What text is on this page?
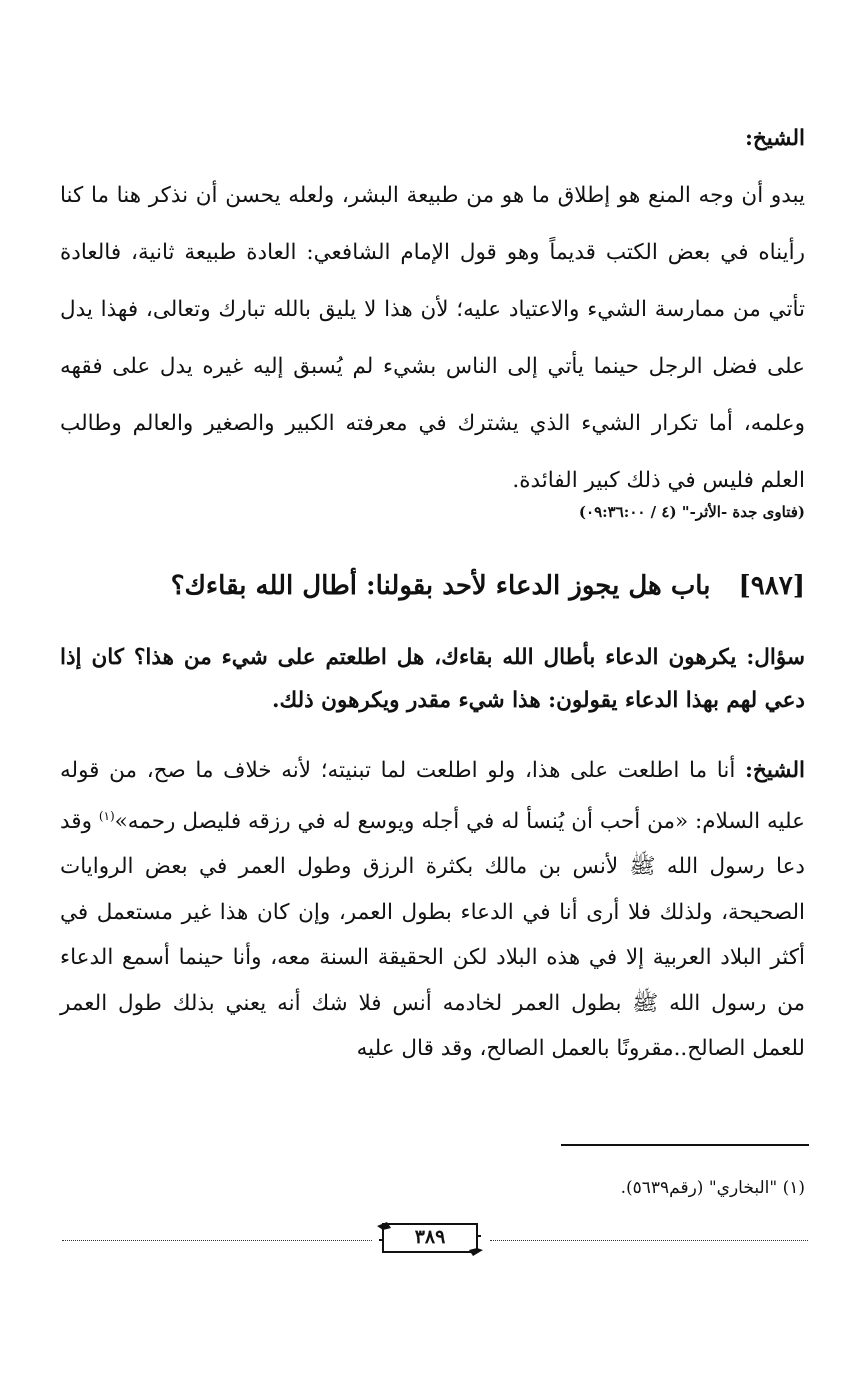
الشيخ:
يبدو أن وجه المنع هو إطلاق ما هو من طبيعة البشر، ولعله يحسن أن نذكر هنا ما كنا رأيناه في بعض الكتب قديماً وهو قول الإمام الشافعي: العادة طبيعة ثانية، فالعادة تأتي من ممارسة الشيء والاعتياد عليه؛ لأن هذا لا يليق بالله تبارك وتعالى، فهذا يدل على فضل الرجل حينما يأتي إلى الناس بشيء لم يُسبق إليه غيره يدل على فقهه وعلمه، أما تكرار الشيء الذي يشترك في معرفته الكبير والصغير والعالم وطالب العلم فليس في ذلك كبير الفائدة.
(فتاوى جدة -الأثر-" (٤ / ٠٩:٣٦:٠٠)
[٩٨٧]باب هل يجوز الدعاء لأحد بقولنا: أطال الله بقاءك؟
سؤال: يكرهون الدعاء بأطال الله بقاءك، هل اطلعتم على شيء من هذا؟ كان إذا دعي لهم بهذا الدعاء يقولون: هذا شيء مقدر ويكرهون ذلك.
الشيخ: أنا ما اطلعت على هذا، ولو اطلعت لما تبنيته؛ لأنه خلاف ما صح، من قوله عليه السلام: «من أحب أن يُنسأ له في أجله ويوسع له في رزقه فليصل رحمه»$^{(١)}$ وقد دعا رسول الله ﷺ لأنس بن مالك بكثرة الرزق وطول العمر في بعض الروايات الصحيحة، ولذلك فلا أرى أنا في الدعاء بطول العمر، وإن كان هذا غير مستعمل في أكثر البلاد العربية إلا في هذه البلاد لكن الحقيقة السنة معه، وأنا حينما أسمع الدعاء من رسول الله ﷺ بطول العمر لخادمه أنس فلا شك أنه يعني بذلك طول العمر للعمل الصالح..مقرونًا بالعمل الصالح، وقد قال عليه
(١) "البخاري" (رقم٥٦٣٩).
٣٨٩
